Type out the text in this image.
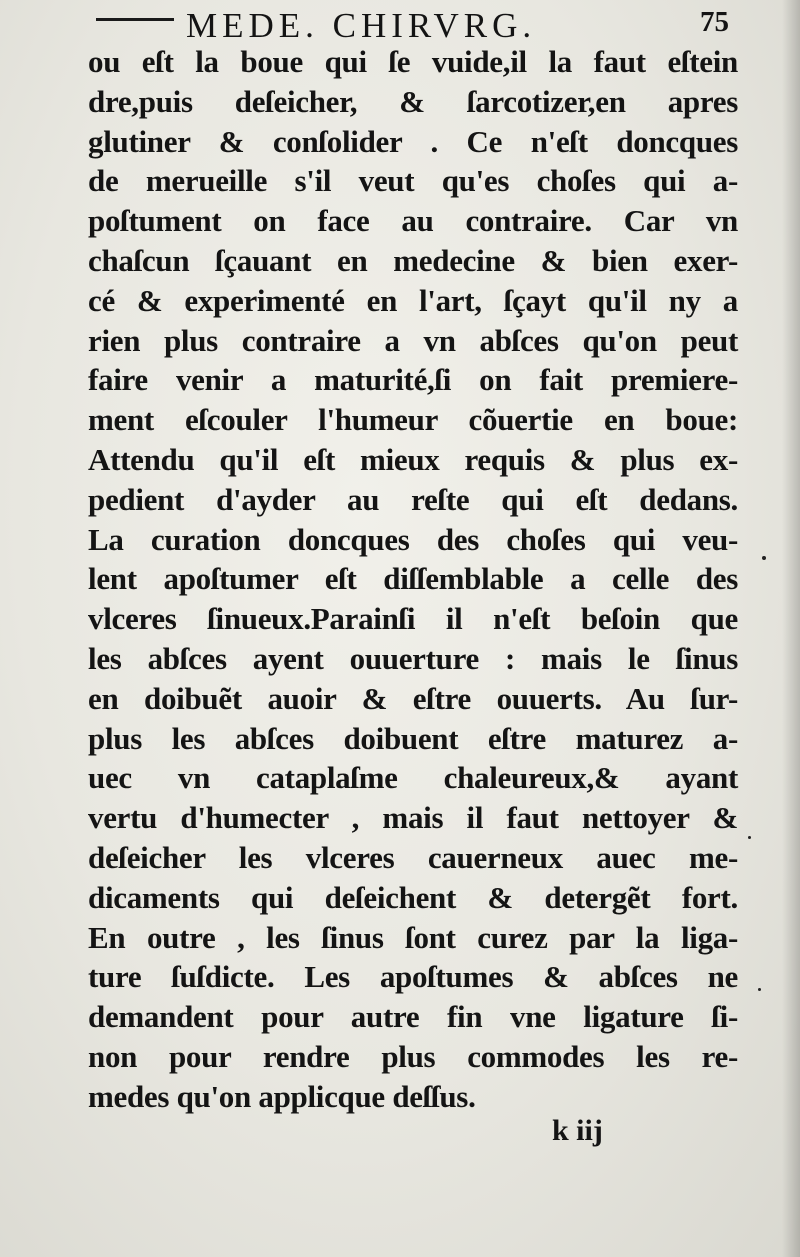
MEDE. CHIRVRG.	75
ou eſt la boue qui ſe vuide,il la faut eſtein
dre,puis deſeicher, & ſarcotizer,en apres
glutiner & conſolider . Ce n'eſt doncques
de merueille s'il veut qu'es choſes qui a-
poſtument on face au contraire. Car vn
chaſcun ſçauant en medecine & bien exer-
cé & experimenté en l'art, ſçayt qu'il ny a
rien plus contraire a vn abſces qu'on peut
faire venir a maturité,ſi on fait premiere-
ment eſcouler l'humeur cõuertie en boue:
Attendu qu'il eſt mieux requis & plus ex-
pedient d'ayder au reſte qui eſt dedans.
La curation doncques des choſes qui veu-
lent apoſtumer eſt diſſemblable a celle des
vlceres ſinueux.Parainſi il n'eſt beſoin que
les abſces ayent ouuerture : mais le ſinus
en doibuẽt auoir & eſtre ouuerts. Au ſur-
plus les abſces doibuent eſtre maturez a-
uec vn cataplaſme chaleureux,& ayant
vertu d'humecter , mais il faut nettoyer &
deſeicher les vlceres cauerneux auec me-
dicaments qui deſeichent & detergẽt fort.
En outre , les ſinus ſont curez par la liga-
ture ſuſdicte. Les apoſtumes & abſces ne
demandent pour autre fin vne ligature ſi-
non pour rendre plus commodes les re-
medes qu'on applicque deſſus.
k iij
